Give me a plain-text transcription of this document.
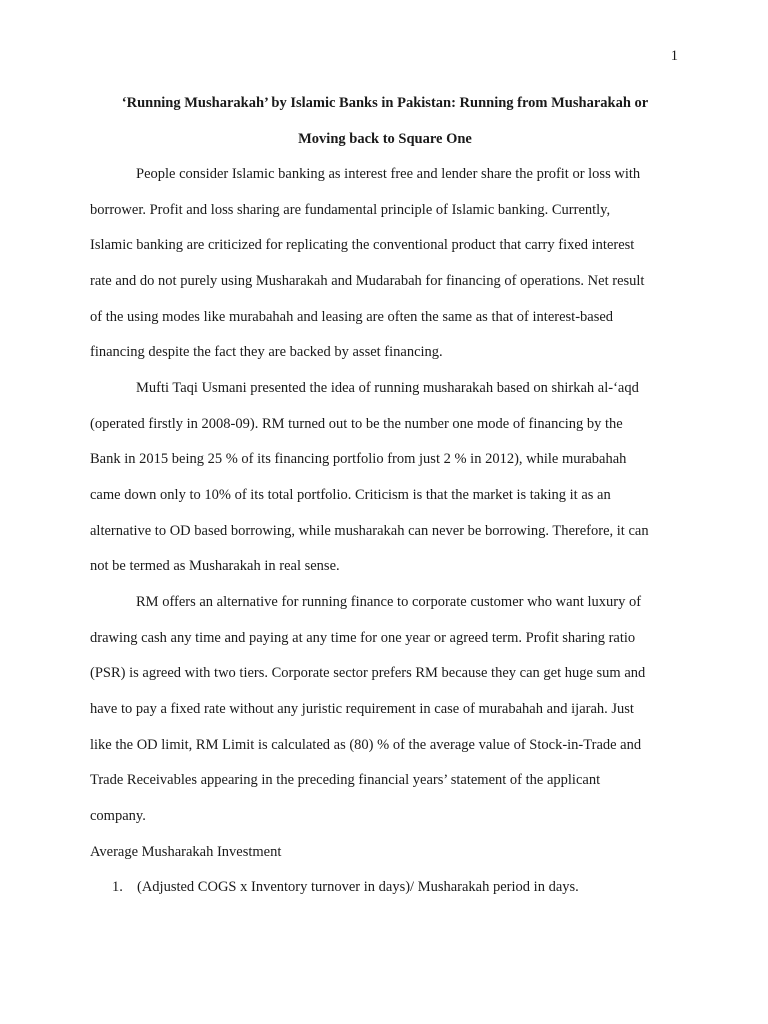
1
‘Running Musharakah’ by Islamic Banks in Pakistan: Running from Musharakah or
Moving back to Square One
People consider Islamic banking as interest free and lender share the profit or loss with
borrower. Profit and loss sharing are fundamental principle of Islamic banking. Currently,
Islamic banking are criticized for replicating the conventional product that carry fixed interest
rate and do not purely using Musharakah and Mudarabah for financing of operations. Net result
of the using modes like murabahah and leasing are often the same as that of interest-based
financing despite the fact they are backed by asset financing.
Mufti Taqi Usmani presented the idea of running musharakah based on shirkah al-‘aqd
(operated firstly in 2008-09). RM turned out to be the number one mode of financing by the
Bank in 2015 being 25 % of its financing portfolio from just 2 % in 2012), while murabahah
came down only to 10% of its total portfolio. Criticism is that the market is taking it as an
alternative to OD based borrowing, while musharakah can never be borrowing. Therefore, it can
not be termed as Musharakah in real sense.
RM offers an alternative for running finance to corporate customer who want luxury of
drawing cash any time and paying at any time for one year or agreed term. Profit sharing ratio
(PSR) is agreed with two tiers. Corporate sector prefers RM because they can get huge sum and
have to pay a fixed rate without any juristic requirement in case of murabahah and ijarah. Just
like the OD limit, RM Limit is calculated as (80) % of the average value of Stock-in-Trade and
Trade Receivables appearing in the preceding financial years’ statement of the applicant
company.
Average Musharakah Investment
1. (Adjusted COGS x Inventory turnover in days)/ Musharakah period in days.
